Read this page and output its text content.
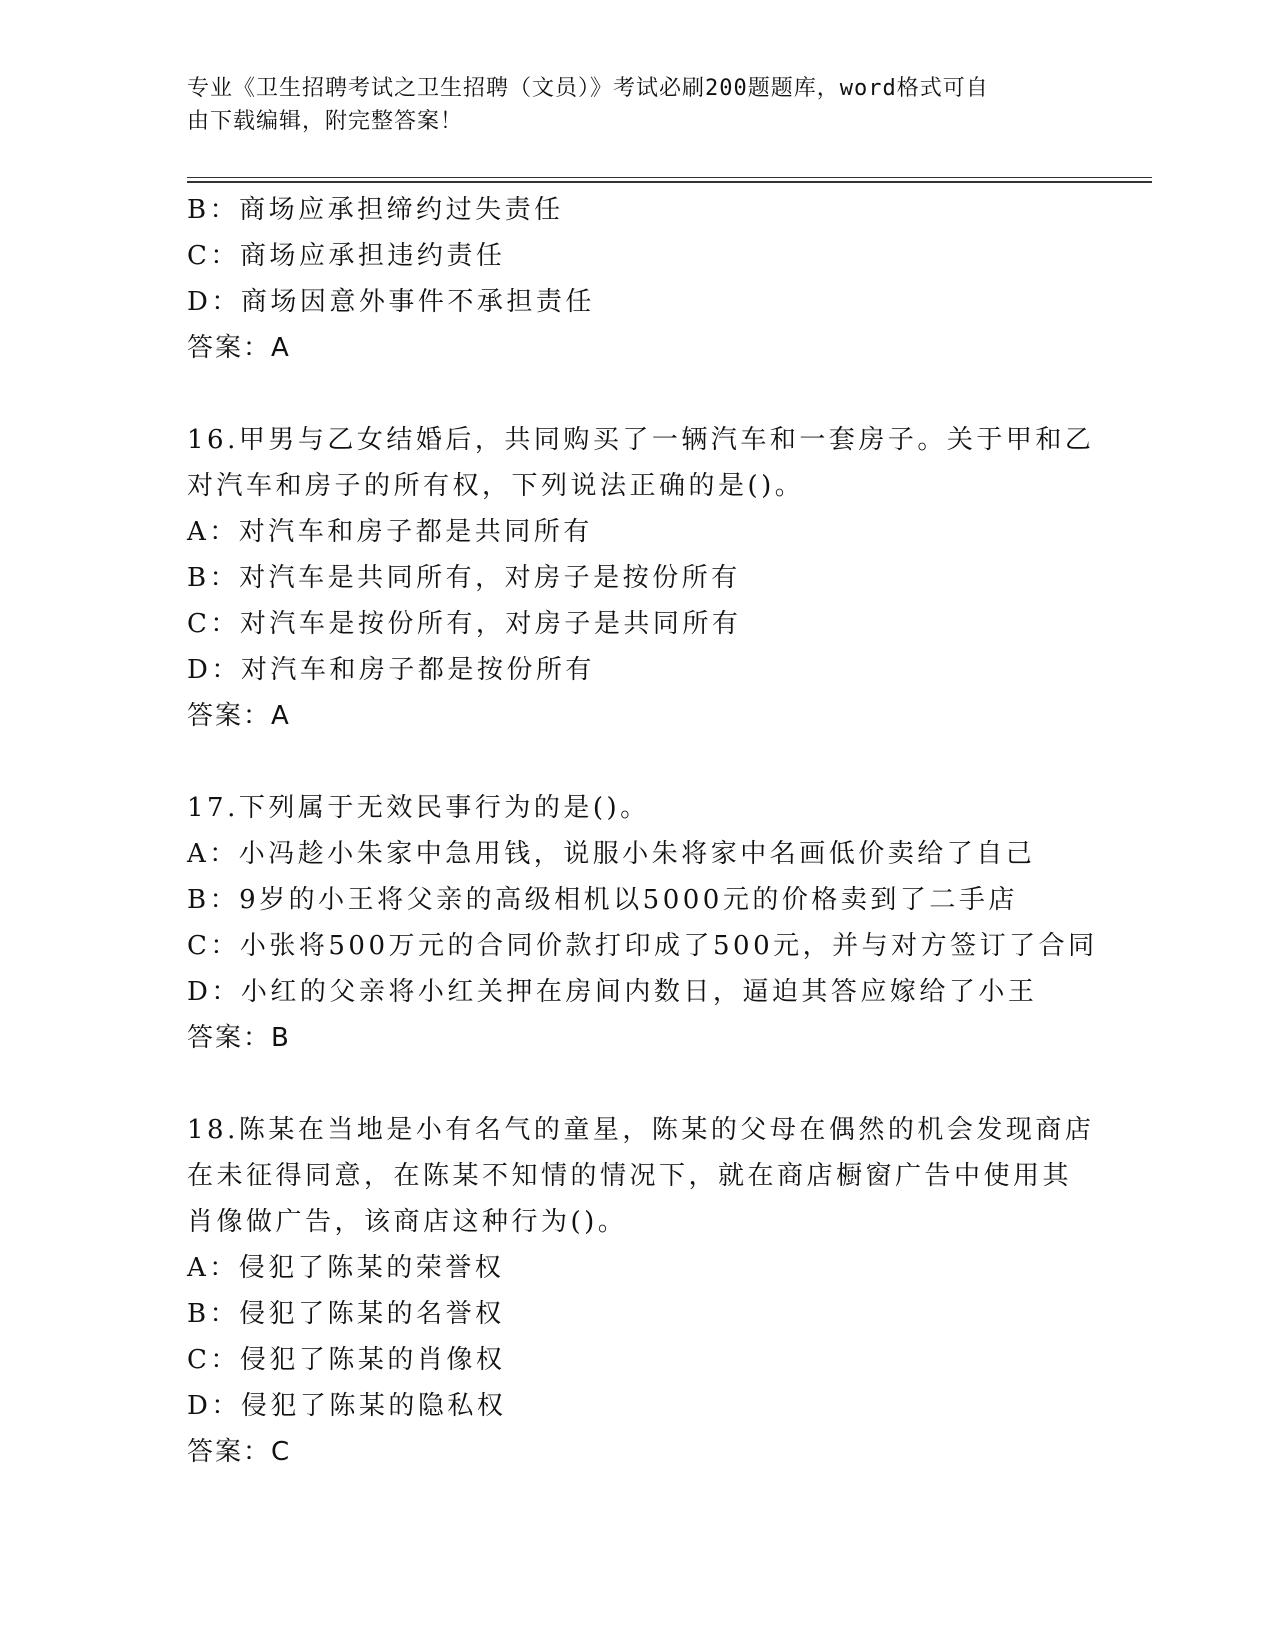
专业《卫生招聘考试之卫生招聘（文员）》考试必刷200题题库，word格式可自
由下载编辑，附完整答案！
B：商场应承担缔约过失责任
C：商场应承担违约责任
D：商场因意外事件不承担责任
答案：A
16.甲男与乙女结婚后，共同购买了一辆汽车和一套房子。关于甲和乙
对汽车和房子的所有权，下列说法正确的是()。
A：对汽车和房子都是共同所有
B：对汽车是共同所有，对房子是按份所有
C：对汽车是按份所有，对房子是共同所有
D：对汽车和房子都是按份所有
答案：A
17.下列属于无效民事行为的是()。
A：小冯趁小朱家中急用钱，说服小朱将家中名画低价卖给了自己
B：9岁的小王将父亲的高级相机以5000元的价格卖到了二手店
C：小张将500万元的合同价款打印成了500元，并与对方签订了合同
D：小红的父亲将小红关押在房间内数日，逼迫其答应嫁给了小王
答案：B
18.陈某在当地是小有名气的童星，陈某的父母在偶然的机会发现商店
在未征得同意，在陈某不知情的情况下，就在商店橱窗广告中使用其
肖像做广告，该商店这种行为()。
A：侵犯了陈某的荣誉权
B：侵犯了陈某的名誉权
C：侵犯了陈某的肖像权
D：侵犯了陈某的隐私权
答案：C
